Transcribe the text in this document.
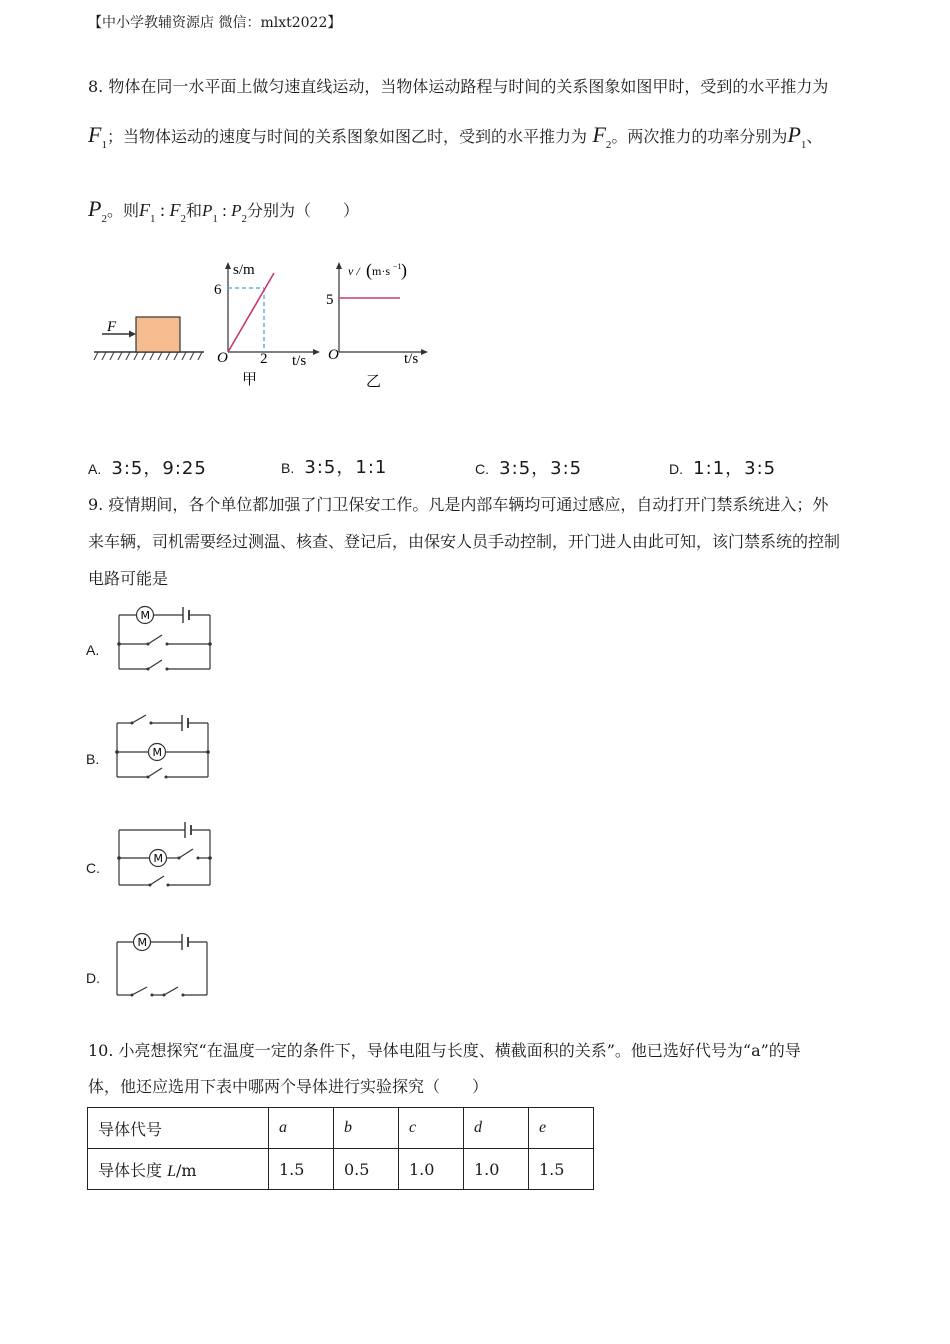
【中小学教辅资源店 微信：mlxt2022】
8. 物体在同一水平面上做匀速直线运动，当物体运动路程与时间的关系图象如图甲时，受到的水平推力为
$F_1$；当物体运动的速度与时间的关系图象如图乙时，受到的水平推力为 $F_2$。两次推力的功率分别为$P_1$、
$P_2$。则$F_1$ : $F_2$和$P_1$ : $P_2$分别为（　　）
F
s/m
6
O 2 t/s
甲
v / ( m·s −1 )
5
O	t/s
乙
A. 3:5，9:25	B. 3:5，1:1	C. 3:5，3:5	D. 1:1，3:5
9. 疫情期间，各个单位都加强了门卫保安工作。凡是内部车辆均可通过感应，自动打开门禁系统进入；外
来车辆，司机需要经过测温、核查、登记后，由保安人员手动控制，开门进人由此可知，该门禁系统的控制
电路可能是
A.
M
B.	M
C.
M
D.
M
10. 小亮想探究“在温度一定的条件下，导体电阻与长度、横截面积的关系”。他已选好代号为“a”的导
体，他还应选用下表中哪两个导体进行实验探究（　　）
导体代号	a	b	c	d	e
导体长度 L/m	1.5	0.5	1.0	1.0	1.5
